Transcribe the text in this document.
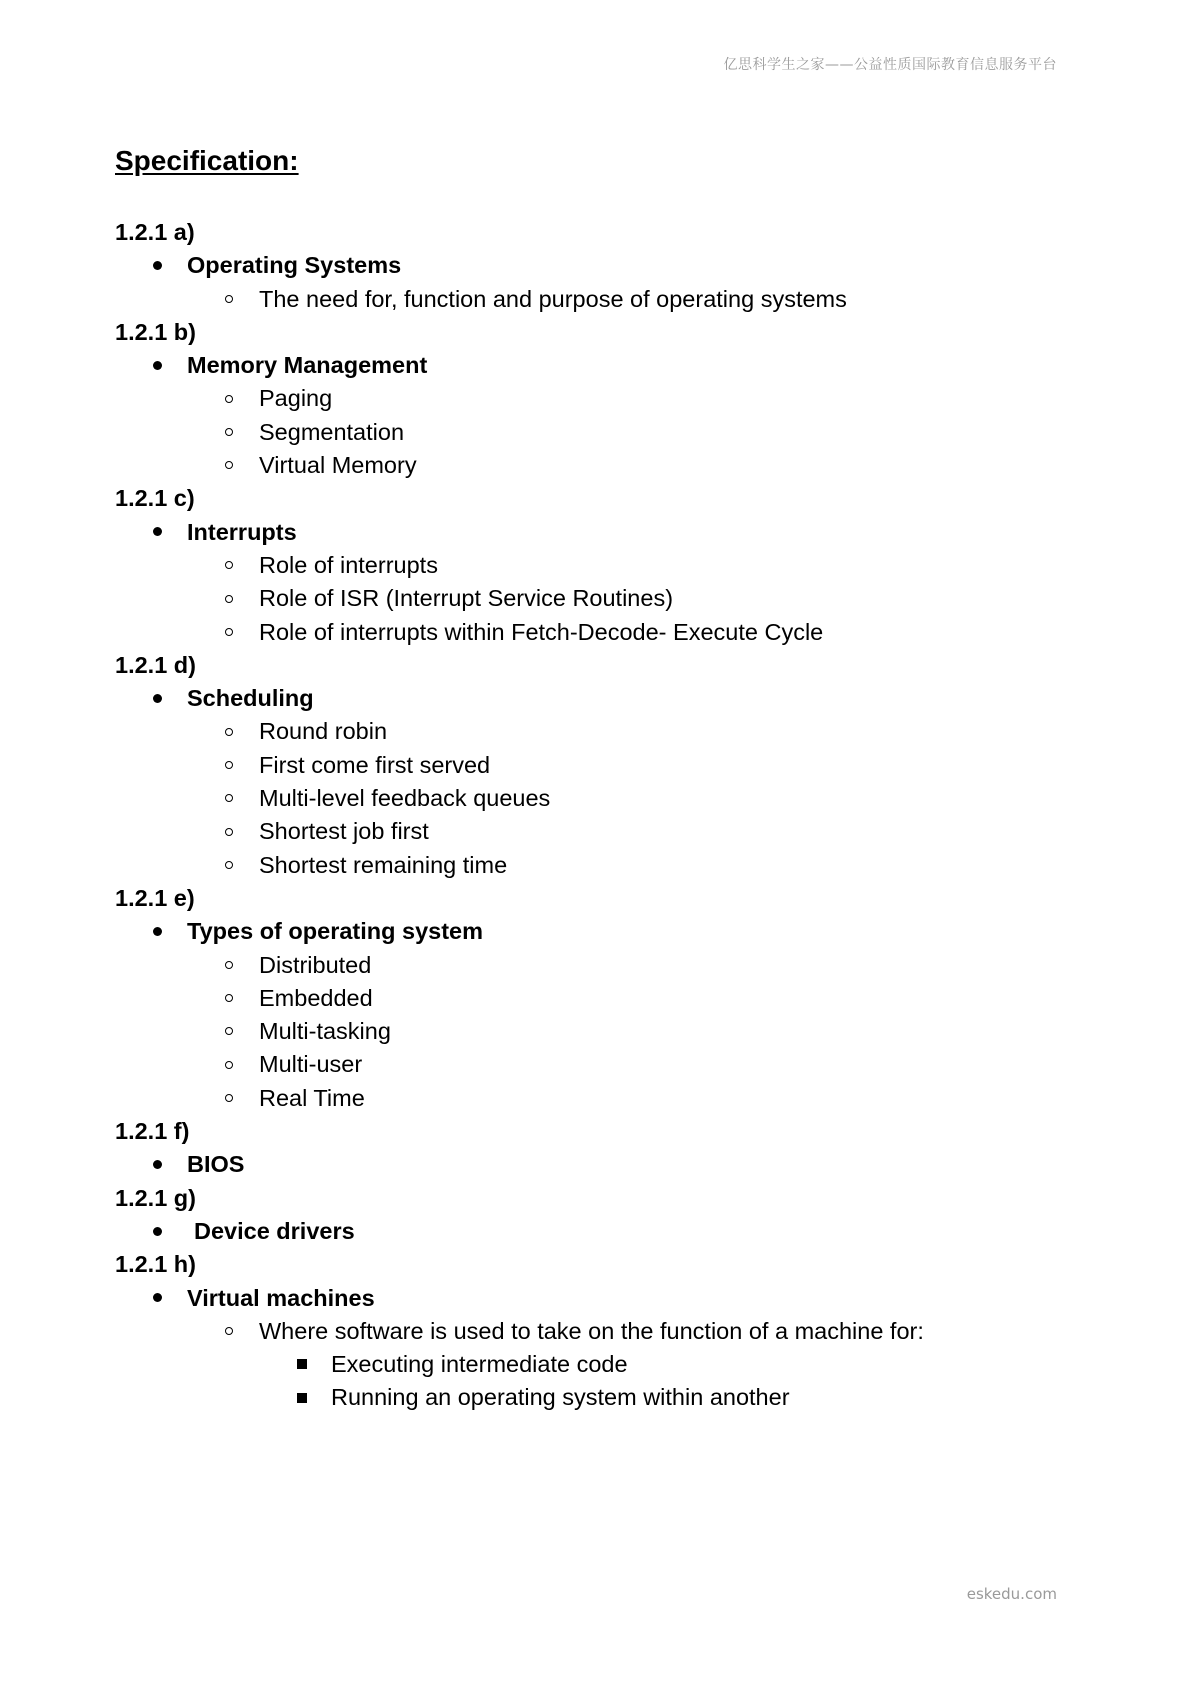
亿思科学生之家——公益性质国际教育信息服务平台
Specification:
1.2.1 a)
Operating Systems
The need for, function and purpose of operating systems
1.2.1 b)
Memory Management
Paging
Segmentation
Virtual Memory
1.2.1 c)
Interrupts
Role of interrupts
Role of ISR (Interrupt Service Routines)
Role of interrupts within Fetch-Decode- Execute Cycle
1.2.1 d)
Scheduling
Round robin
First come first served
Multi-level feedback queues
Shortest job first
Shortest remaining time
1.2.1 e)
Types of operating system
Distributed
Embedded
Multi-tasking
Multi-user
Real Time
1.2.1 f)
BIOS
1.2.1 g)
Device drivers
1.2.1 h)
Virtual machines
Where software is used to take on the function of a machine for:
Executing intermediate code
Running an operating system within another
eskedu.com
